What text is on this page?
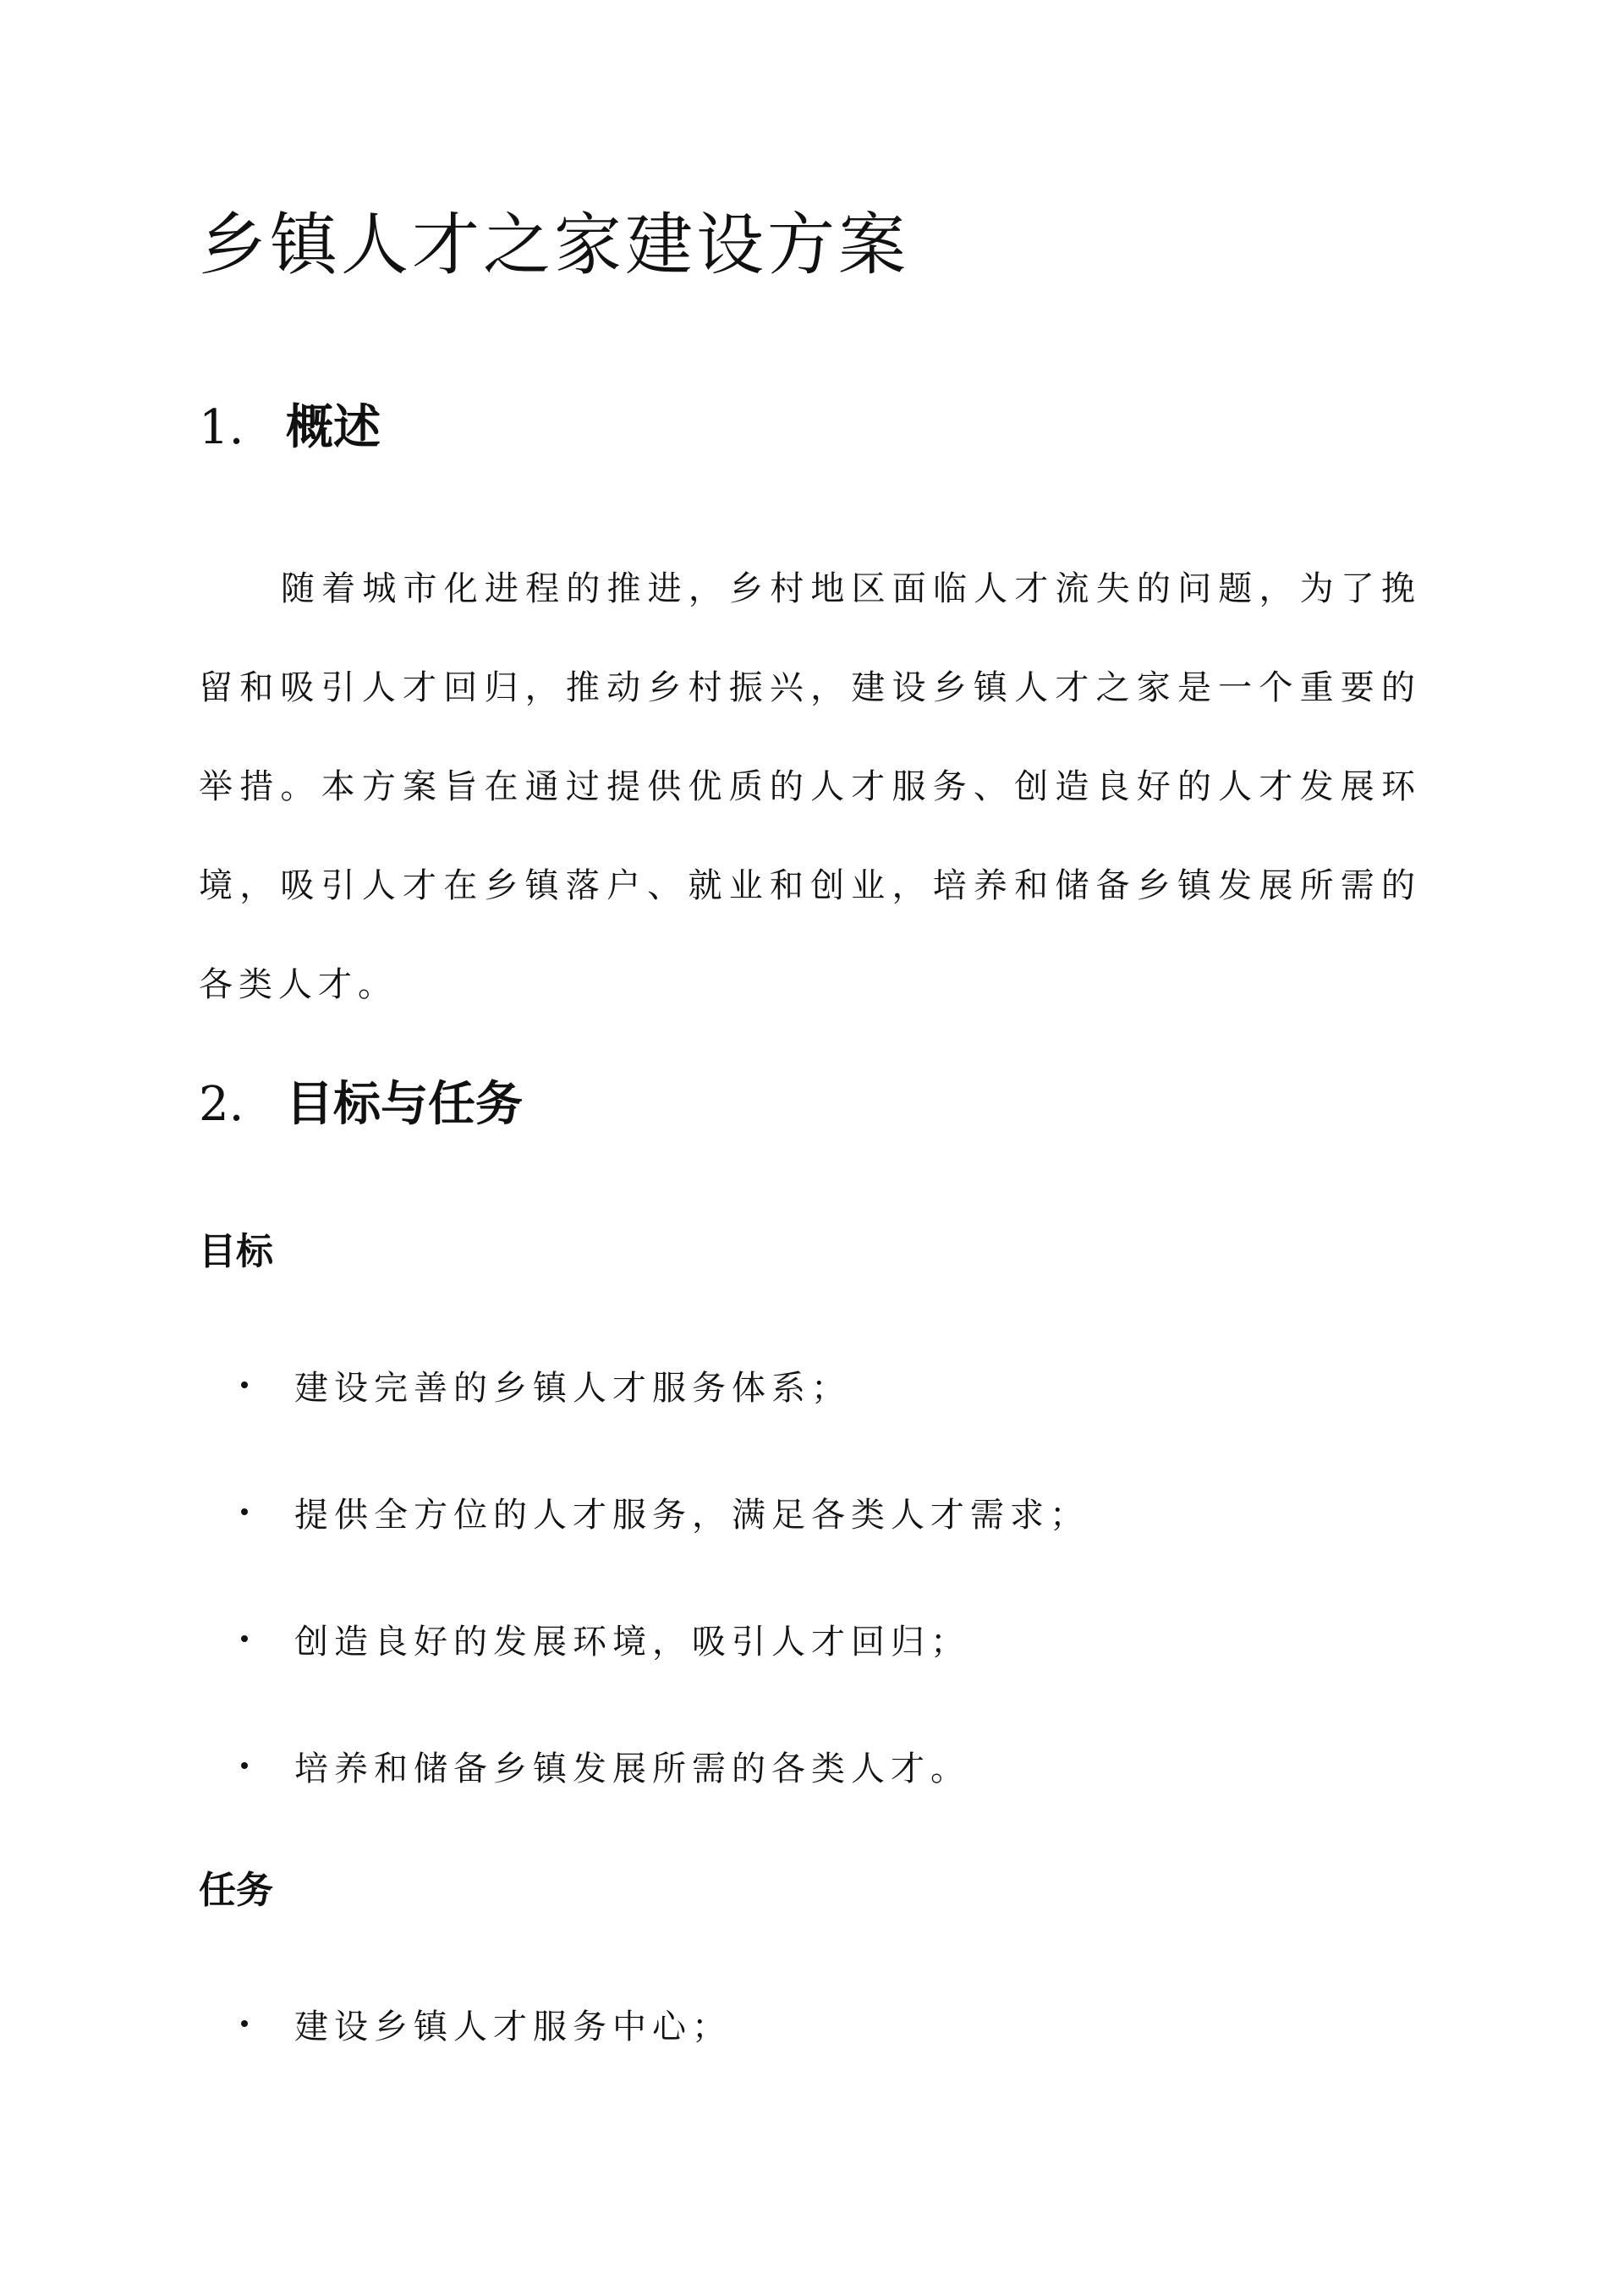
乡镇人才之家建设方案
1. 概述

随着城市化进程的推进，乡村地区面临人才流失的问题，为了挽留和吸引人才回归，推动乡村振兴，建设乡镇人才之家是一个重要的举措。本方案旨在通过提供优质的人才服务、创造良好的人才发展环境，吸引人才在乡镇落户、就业和创业，培养和储备乡镇发展所需的各类人才。

2. 目标与任务
目标
建设完善的乡镇人才服务体系；
提供全方位的人才服务，满足各类人才需求；
创造良好的发展环境，吸引人才回归；
培养和储备乡镇发展所需的各类人才。
任务
建设乡镇人才服务中心；
